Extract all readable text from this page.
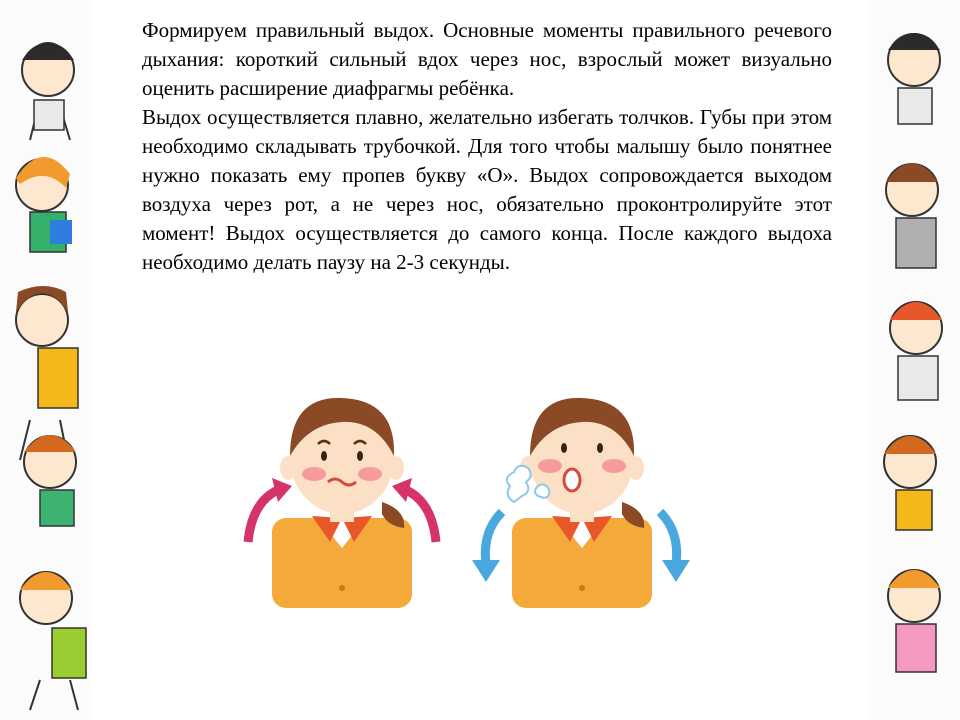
Формируем правильный выдох. Основные моменты правильного речевого дыхания: короткий сильный вдох через нос, взрослый может визуально оценить расширение диафрагмы ребёнка.

Выдох осуществляется плавно, желательно избегать толчков. Губы при этом необходимо складывать трубочкой. Для того чтобы малышу было понятнее нужно показать ему пропев букву «О». Выдох сопровождается выходом воздуха через рот, а не через нос, обязательно проконтролируйте этот момент! Выдох осуществляется до самого конца. После каждого выдоха необходимо делать паузу на 2-3 секунды.
